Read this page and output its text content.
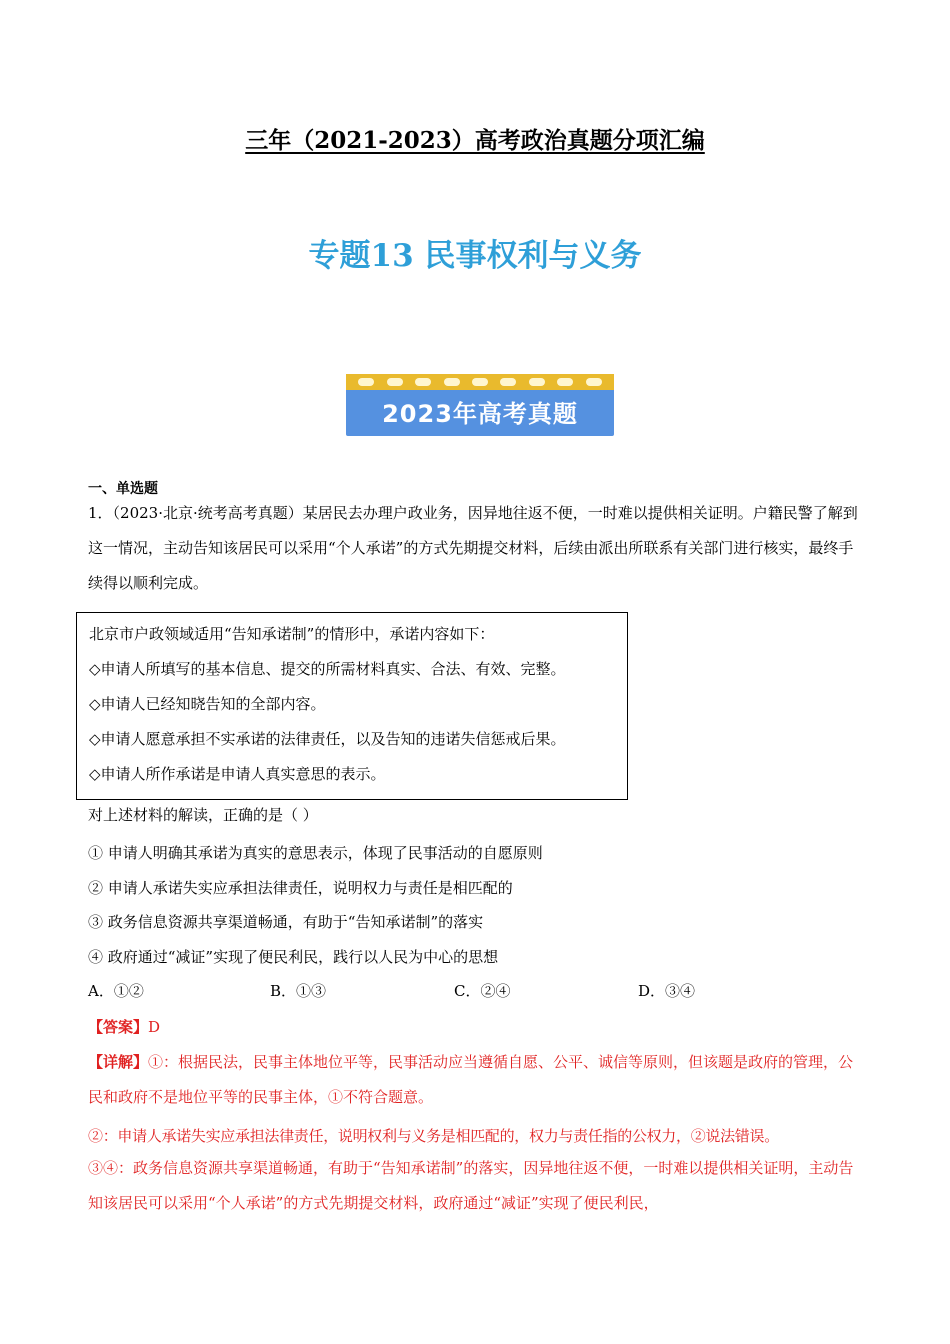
三年（2021-2023）高考政治真题分项汇编
专题13 民事权利与义务
2023年高考真题
一、单选题
1．（2023·北京·统考高考真题）某居民去办理户政业务，因异地往返不便，一时难以提供相关证明。户籍民警了解到这一情况，主动告知该居民可以采用“个人承诺”的方式先期提交材料，后续由派出所联系有关部门进行核实，最终手续得以顺利完成。
北京市户政领域适用“告知承诺制”的情形中，承诺内容如下：
◇申请人所填写的基本信息、提交的所需材料真实、合法、有效、完整。
◇申请人已经知晓告知的全部内容。
◇申请人愿意承担不实承诺的法律责任，以及告知的违诺失信惩戒后果。
◇申请人所作承诺是申请人真实意思的表示。
对上述材料的解读，正确的是（ ）
① 申请人明确其承诺为真实的意思表示，体现了民事活动的自愿原则
② 申请人承诺失实应承担法律责任，说明权力与责任是相匹配的
③ 政务信息资源共享渠道畅通，有助于“告知承诺制”的落实
④ 政府通过“减证”实现了便民利民，践行以人民为中心的思想
A．①②	B．①③	C．②④	D．③④
【答案】D
【详解】①：根据民法，民事主体地位平等，民事活动应当遵循自愿、公平、诚信等原则，但该题是政府的管理，公民和政府不是地位平等的民事主体，①不符合题意。
②：申请人承诺失实应承担法律责任，说明权利与义务是相匹配的，权力与责任指的公权力，②说法错误。
③④：政务信息资源共享渠道畅通，有助于“告知承诺制”的落实，因异地往返不便，一时难以提供相关证明，主动告知该居民可以采用“个人承诺”的方式先期提交材料，政府通过“减证”实现了便民利民，
